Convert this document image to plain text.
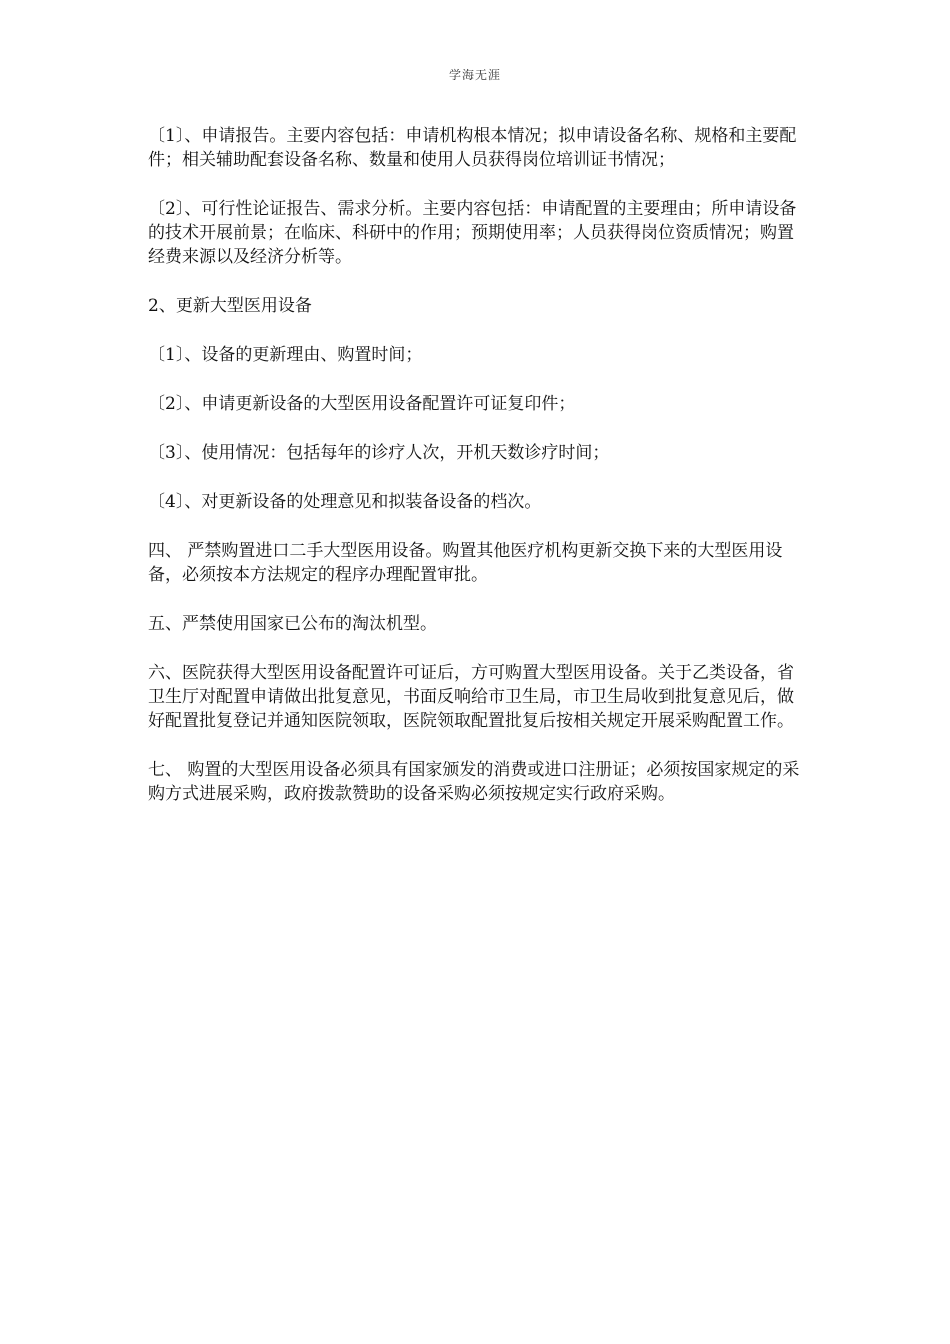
学海无涯

〔1〕、申请报告。主要内容包括：申请机构根本情况；拟申请设备名称、规格和主要配件；相关辅助配套设备名称、数量和使用人员获得岗位培训证书情况；

〔2〕、可行性论证报告、需求分析。主要内容包括：申请配置的主要理由；所申请设备的技术开展前景；在临床、科研中的作用；预期使用率；人员获得岗位资质情况；购置经费来源以及经济分析等。

2、更新大型医用设备

〔1〕、设备的更新理由、购置时间；

〔2〕、申请更新设备的大型医用设备配置许可证复印件；

〔3〕、使用情况：包括每年的诊疗人次，开机天数诊疗时间；

〔4〕、对更新设备的处理意见和拟装备设备的档次。

四、 严禁购置进口二手大型医用设备。购置其他医疗机构更新交换下来的大型医用设备，必须按本方法规定的程序办理配置审批。

五、严禁使用国家已公布的淘汰机型。

六、医院获得大型医用设备配置许可证后，方可购置大型医用设备。关于乙类设备，省卫生厅对配置申请做出批复意见，书面反响给市卫生局，市卫生局收到批复意见后，做好配置批复登记并通知医院领取，医院领取配置批复后按相关规定开展采购配置工作。

七、 购置的大型医用设备必须具有国家颁发的消费或进口注册证；必须按国家规定的采购方式进展采购，政府拨款赞助的设备采购必须按规定实行政府采购。
